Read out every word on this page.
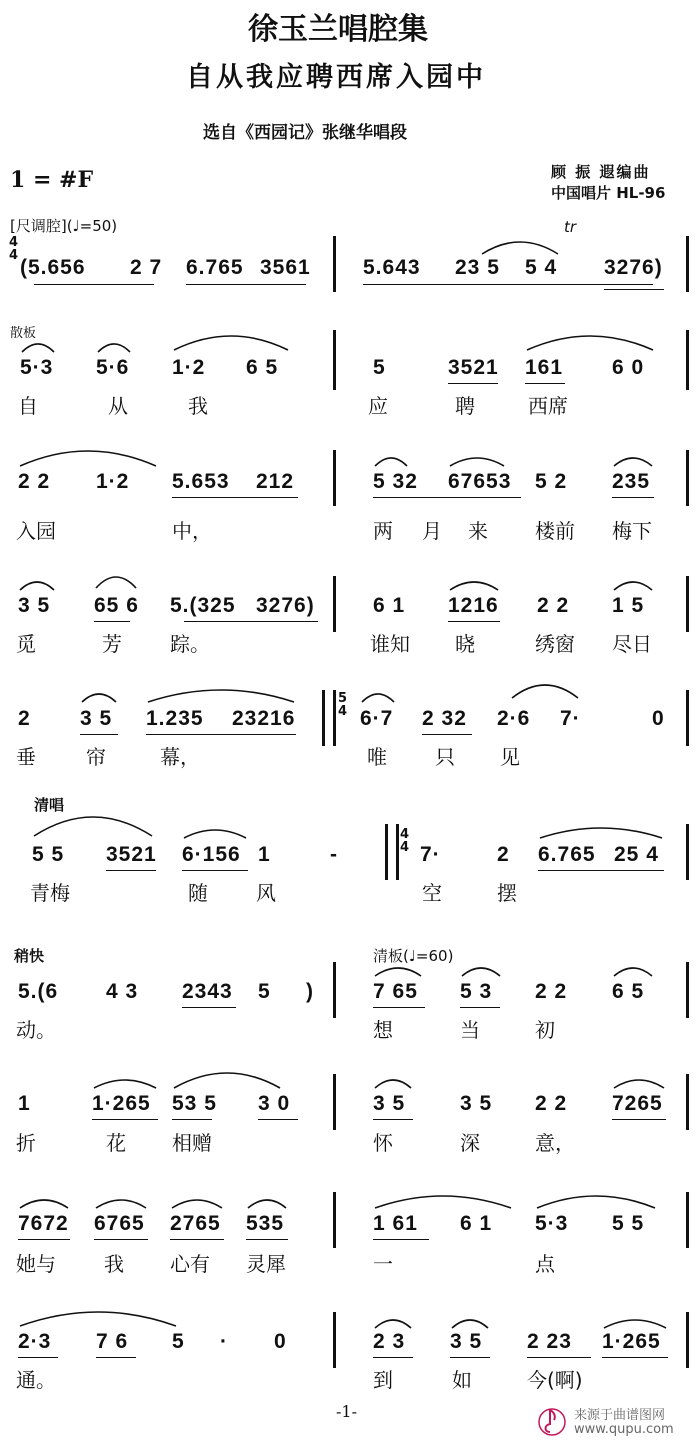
徐玉兰唱腔集
自从我应聘西席入园中
选自《西园记》张继华唱段
1 = #F	顾 振 遐编曲
中国唱片 HL-96
[尺调腔](♩=50)	tr
4
4
(5.656 2 7 6.765 3561 5.643 23 5 5 4 3276)
散板
5·3 5·6 1·2 6 5	5	3521 161 6 0
自	从	我	应	聘	西席
2 2 1·2 5.653 212	5 32 67653 5 2 235
入园	中，	两 月 来 楼前 梅下
3 5 65 6 5.(325 3276)	6 1 1216 2 2 1 5
觅	芳 踪。	谁知 晓	绣窗 尽日
2 3 5 1.235 23216
5
4 6·7 2 32 2·6 7·	0
垂	帘	幕，	唯 只 见
清唱
5 5 3521 6·156 1	-
4
4 7·	2 6.765 25 4
青梅	随 风	空	摆
稍快	清板(♩=60)
5.(6 4 3 2343 5 )	7 65 5 3 2 2 6 5
动。	想	当	初
1	1·265 53 5 3 0	3 5	3 5 2 2 7265
折	花 相赠	怀	深	意，
7672 6765 2765 535	1 61 6 1 5·3 5 5
她与 我 心有 灵犀	一	点
2·3 7 6 5 · 0	2 3 3 5 2 23 1·265
通。	到	如	今(啊)
-1-	来源于曲谱图网
www.qupu.com
